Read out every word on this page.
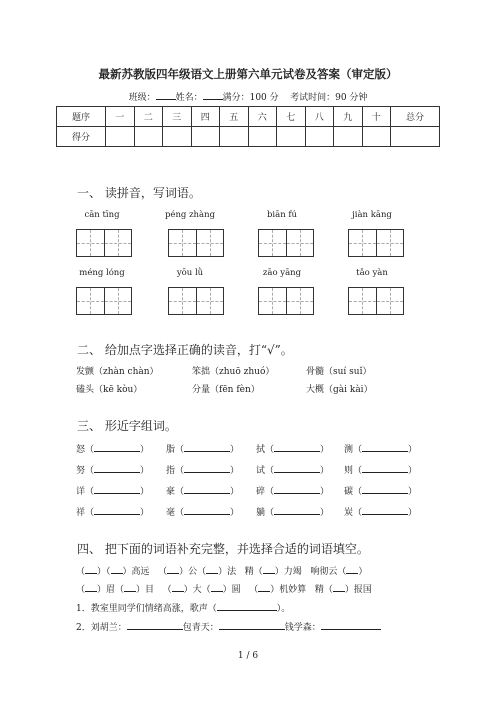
最新苏教版四年级语文上册第六单元试卷及答案（审定版）
班级： 姓名： 满分：100 分 考试时间：90 分钟
题序	一	二	三	四	五	六	七	八	九	十	总分
得分											
一、 读拼音，写词语。
cān tīng	péng zhàng	biān fú	jiàn kāng
méng lóng	yōu lǜ	zāo yāng	tǎo yàn
二、 给加点字选择正确的读音，打“√”。
发颤（zhàn chàn）	笨拙（zhuō zhuó）	骨髓（suí suǐ）
磕头（kē kòu）	分量（fēn fèn）	大概（gài kài）
三、 形近字组词。
怒（	） 脂（	） 拭（	） 测（	）
努（	） 指（	） 试（	） 则（	）
详（	） 豪（	） 碎（	） 碳（	）
祥（	） 毫（	） 躺（	） 炭（	）
四、 把下面的词语补充完整，并选择合适的词语填空。
（ ）（ ）高远 （ ）公（ ）法 精（ ）力竭 响彻云（ ）
（ ）眉（ ）目 （ ）大（ ）圆 （ ）机妙算 精（ ）报国
1．教室里同学们情绪高涨，歌声（	）。
2．刘胡兰：	包青天：	钱学森：
1 / 6
